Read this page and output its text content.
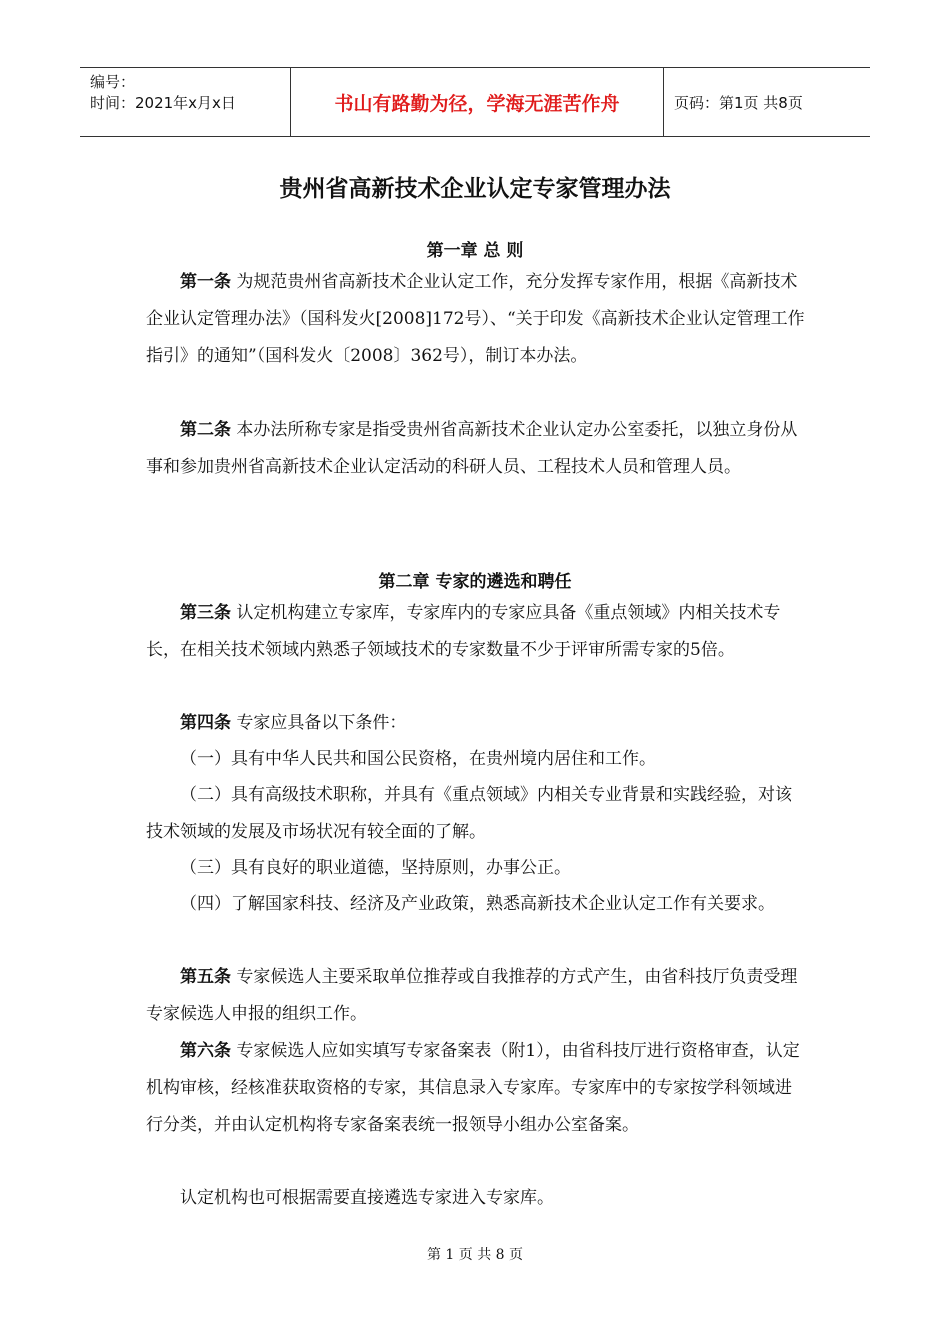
编号：
时间：2021年x月x日	书山有路勤为径，学海无涯苦作舟	页码：第1页 共8页
贵州省高新技术企业认定专家管理办法
第一章 总 则

第一条 为规范贵州省高新技术企业认定工作，充分发挥专家作用，根据《高新技术企业认定管理办法》（国科发火[2008]172号）、“关于印发《高新技术企业认定管理工作指引》的通知”（国科发火〔2008〕362号），制订本办法。

第二条 本办法所称专家是指受贵州省高新技术企业认定办公室委托，以独立身份从事和参加贵州省高新技术企业认定活动的科研人员、工程技术人员和管理人员。

第二章 专家的遴选和聘任

第三条 认定机构建立专家库，专家库内的专家应具备《重点领域》内相关技术专长，在相关技术领域内熟悉子领域技术的专家数量不少于评审所需专家的5倍。

第四条 专家应具备以下条件：

（一）具有中华人民共和国公民资格，在贵州境内居住和工作。

（二）具有高级技术职称，并具有《重点领域》内相关专业背景和实践经验，对该技术领域的发展及市场状况有较全面的了解。

（三）具有良好的职业道德，坚持原则，办事公正。

（四）了解国家科技、经济及产业政策，熟悉高新技术企业认定工作有关要求。

第五条 专家候选人主要采取单位推荐或自我推荐的方式产生，由省科技厅负责受理专家候选人申报的组织工作。

第六条 专家候选人应如实填写专家备案表（附1），由省科技厅进行资格审查，认定机构审核，经核准获取资格的专家，其信息录入专家库。专家库中的专家按学科领域进行分类，并由认定机构将专家备案表统一报领导小组办公室备案。

认定机构也可根据需要直接遴选专家进入专家库。

第 1 页 共 8 页
